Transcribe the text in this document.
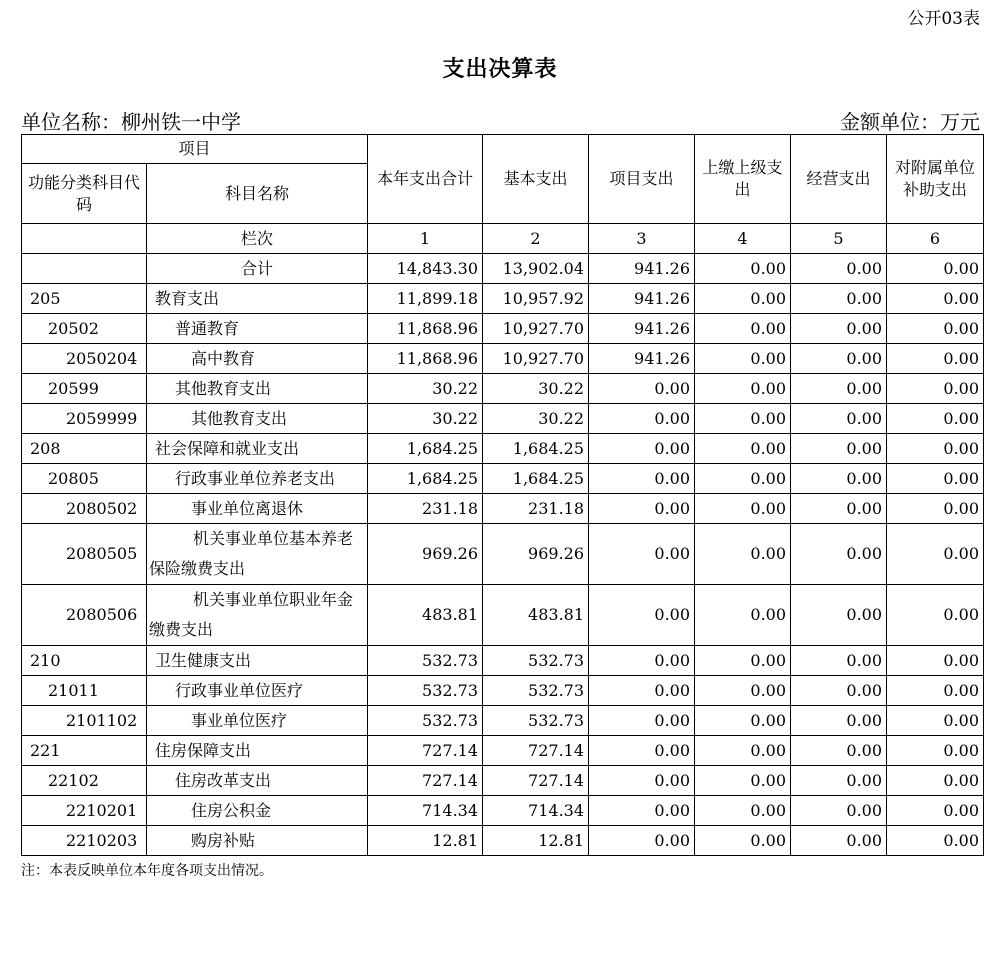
公开03表
支出决算表
单位名称：柳州铁一中学	金额单位：万元
项目		本年支出合计	基本支出	项目支出	上缴上级支出	经营支出	对附属单位补助支出
功能分类科目代码	科目名称						
	栏次	1	2	3	4	5	6
	合计	14,843.30	13,902.04	941.26	0.00	0.00	0.00
205	教育支出	11,899.18	10,957.92	941.26	0.00	0.00	0.00
20502	普通教育	11,868.96	10,927.70	941.26	0.00	0.00	0.00
2050204	高中教育	11,868.96	10,927.70	941.26	0.00	0.00	0.00
20599	其他教育支出	30.22	30.22	0.00	0.00	0.00	0.00
2059999	其他教育支出	30.22	30.22	0.00	0.00	0.00	0.00
208	社会保障和就业支出	1,684.25	1,684.25	0.00	0.00	0.00	0.00
20805	行政事业单位养老支出	1,684.25	1,684.25	0.00	0.00	0.00	0.00
2080502	事业单位离退休	231.18	231.18	0.00	0.00	0.00	0.00
2080505	机关事业单位基本养老保险缴费支出	969.26	969.26	0.00	0.00	0.00	0.00
2080506	机关事业单位职业年金缴费支出	483.81	483.81	0.00	0.00	0.00	0.00
210	卫生健康支出	532.73	532.73	0.00	0.00	0.00	0.00
21011	行政事业单位医疗	532.73	532.73	0.00	0.00	0.00	0.00
2101102	事业单位医疗	532.73	532.73	0.00	0.00	0.00	0.00
221	住房保障支出	727.14	727.14	0.00	0.00	0.00	0.00
22102	住房改革支出	727.14	727.14	0.00	0.00	0.00	0.00
2210201	住房公积金	714.34	714.34	0.00	0.00	0.00	0.00
2210203	购房补贴	12.81	12.81	0.00	0.00	0.00	0.00
注：本表反映单位本年度各项支出情况。
